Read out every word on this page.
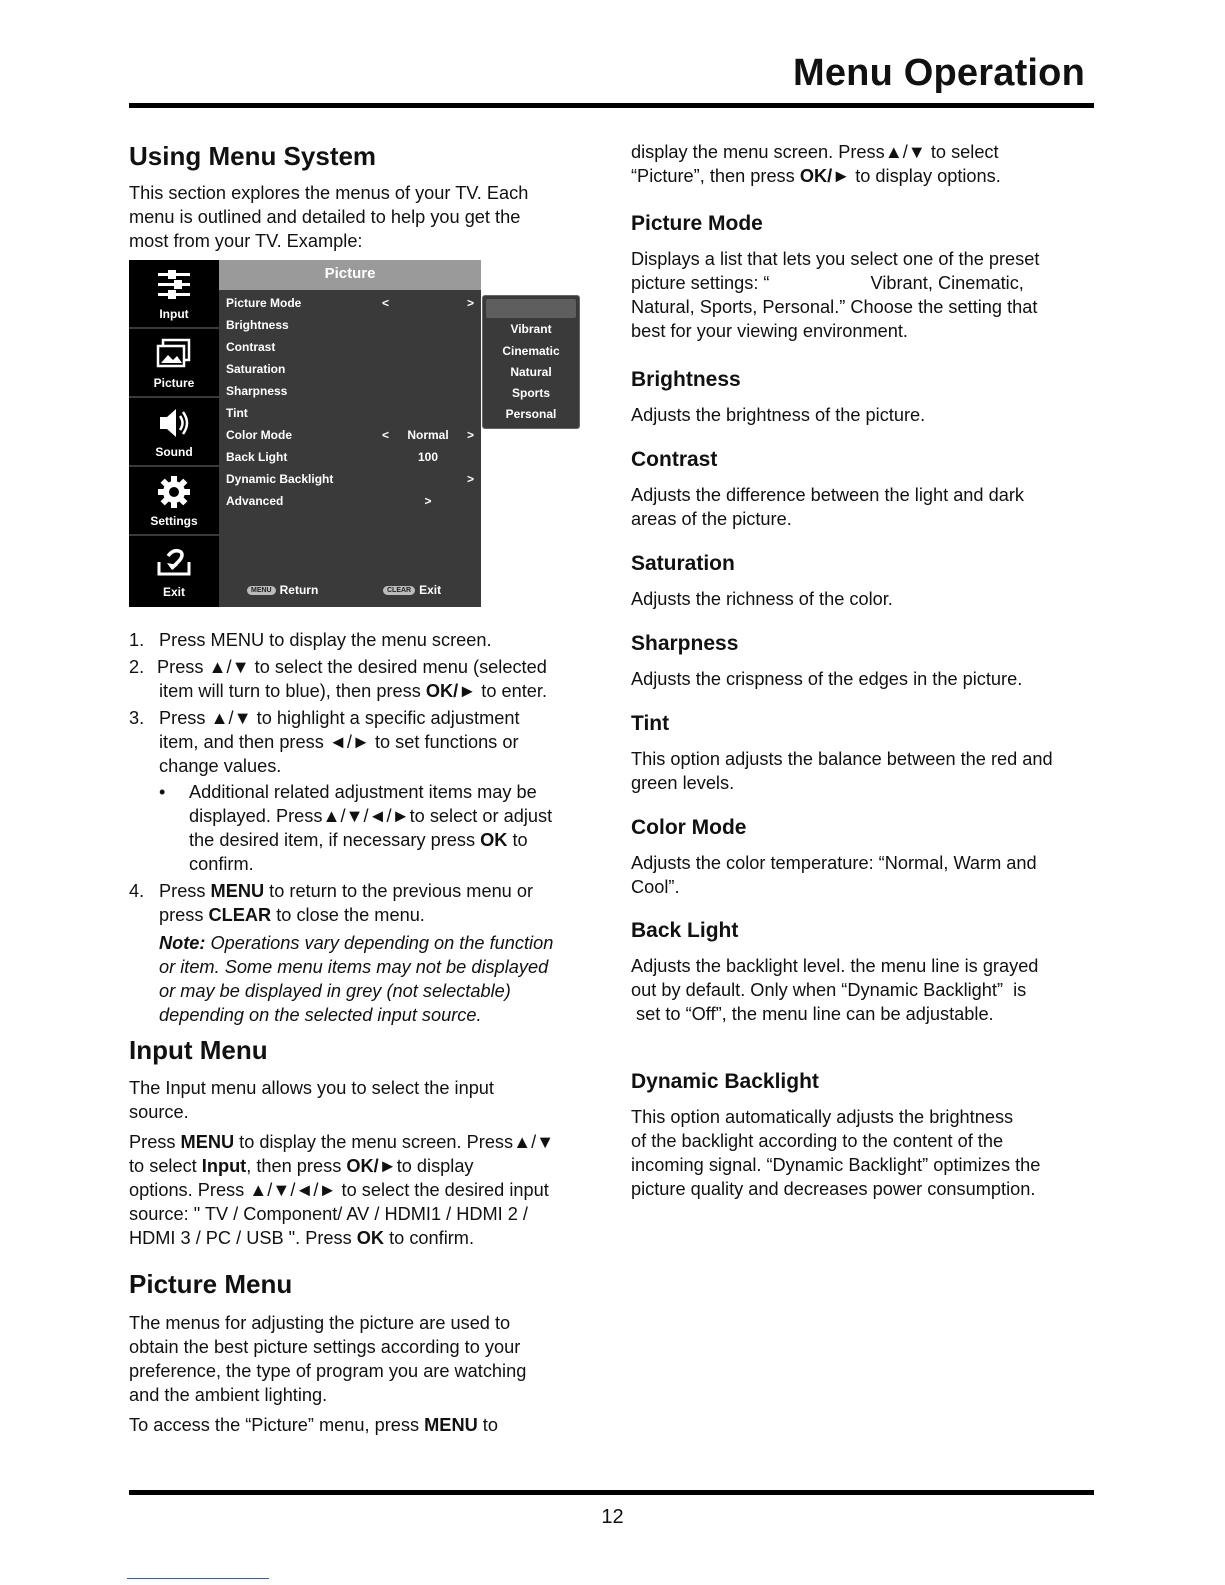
Menu Operation
Using Menu System

This section explores the menus of your TV. Each

menu is outlined and detailed to help you get the

most from your TV. Example:

Input
Picture
Sound
Settings
Exit
Picture
Picture Mode	<	>
Brightness
Contrast
Saturation
Sharpness
Tint
Color Mode	<	Normal	>
Back Light	100
Dynamic Backlight	>
Advanced	>
MENU Return	CLEAR Exit
Vibrant
Cinematic
Natural
Sports
Personal
1. Press MENU to display the menu screen.
2. Press ▲/▼ to select the desired menu (selected
item will turn to blue), then press OK/► to enter.
3. Press ▲/▼ to highlight a specific adjustment
item, and then press ◄/► to set functions or
change values.
• Additional related adjustment items may be
displayed. Press▲/▼/◄/►to select or adjust
the desired item, if necessary press OK to
confirm.
4. Press MENU to return to the previous menu or
press CLEAR to close the menu.
Note: Operations vary depending on the function
or item. Some menu items may not be displayed
or may be displayed in grey (not selectable)
depending on the selected input source.
Input Menu

The Input menu allows you to select the input

source.

Press MENU to display the menu screen. Press▲/▼

to select Input, then press OK/►to display

options. Press ▲/▼/◄/► to select the desired input

source: " TV / Component/ AV / HDMI1 / HDMI 2 /

HDMI 3 / PC / USB ". Press OK to confirm.

Picture Menu

The menus for adjusting the picture are used to

obtain the best picture settings according to your

preference, the type of program you are watching

and the ambient lighting.

To access the “Picture” menu, press MENU to

display the menu screen. Press▲/▼ to select

“Picture”, then press OK/► to display options.

Picture Mode

Displays a list that lets you select one of the preset

picture settings: “                    Vibrant, Cinematic,

Natural, Sports, Personal.” Choose the setting that

best for your viewing environment.

Brightness

Adjusts the brightness of the picture.

Contrast

Adjusts the difference between the light and dark

areas of the picture.

Saturation

Adjusts the richness of the color.

Sharpness

Adjusts the crispness of the edges in the picture.

Tint

This option adjusts the balance between the red and

green levels.

Color Mode

Adjusts the color temperature: “Normal, Warm and

Cool”.

Back Light

Adjusts the backlight level. the menu line is grayed

out by default. Only when “Dynamic Backlight”  is

set to “Off”, the menu line can be adjustable.

Dynamic Backlight

This option automatically adjusts the brightness

of the backlight according to the content of the

incoming signal. “Dynamic Backlight” optimizes the

picture quality and decreases power consumption.

12
